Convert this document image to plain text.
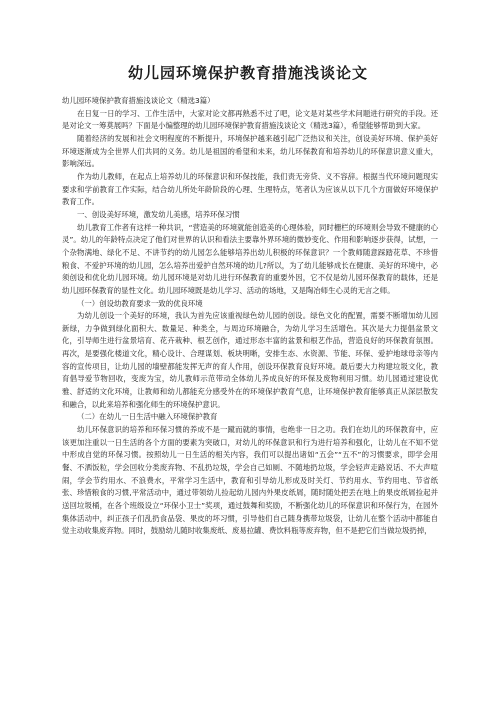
幼儿园环境保护教育措施浅谈论文

幼儿园环境保护教育措施浅谈论文（精选3篇）

在日复一日的学习、工作生活中，大家对论文都再熟悉不过了吧，论文是对某些学术问题进行研究的手段。还是对论文一筹莫展吗？下面是小编整理的幼儿园环境保护教育措施浅谈论文（精选3篇），希望能够帮助到大家。

随着经济的发展和社会文明程度的不断提升，环境保护越来越引起广泛热议和关注，创设美好环境、保护美好环境逐渐成为全世界人们共同的义务。幼儿是祖国的希望和未来，幼儿环保教育和培养幼儿的环保意识意义重大，影响深远。

作为幼儿教师，在起点上培养幼儿的环保意识和环保技能，我们责无旁贷、义不容辞。根据当代环境问题现实要求和学前教育工作实际，结合幼儿所处年龄阶段的心理、生理特点，笔者认为应该从以下几个方面做好环境保护教育工作。

一、创设美好环境，激发幼儿美感，培养环保习惯

幼儿教育工作者有这样一种共识，“营造美的环境就能创造美的心理体验，同时栅栏的环境则会导致不健康的心灵”。幼儿的年龄特点决定了他们对世界的认识和看法主要靠外界环境的微妙变化、作用和影响逐步获得，试想，一个杂物满地、绿化不足、不讲节约的幼儿园怎么能够培养出幼儿积极的环保意识？一个教师随意踩踏花草、不珍惜粮食、不爱护环境的幼儿园，怎么培养出爱护自然环境的幼儿?所以，为了幼儿能够成长在健康、美好的环境中，必须创设和优化幼儿园环境。幼儿园环境是对幼儿进行环保教育的重要外因，它不仅是幼儿园环保教育的载体，还是幼儿园环保教育的显性文化。幼儿园环境既是幼儿学习、活动的场地，又是陶冶师生心灵的无言之师。

（一）创设幼教育要求一致的优良环境

为幼儿创设一个美好的环境，我认为首先应该重视绿色幼儿园的创设。绿色文化的配置，需要不断增加幼儿园新绿，力争做到绿化面积大、数量足、种类全，与周边环境融合，为幼儿学习生活增色。其次是大力提倡盆景文化，引导师生进行盆景培育、花卉栽种、根艺创作，通过形态丰富的盆景和根艺作品，营造良好的环保教育氛围。再次，是要强化楼道文化，精心设计、合理谋划、板块明晰，安排生态、水资源、节能、环保、爱护地球母亲等内容的宣传项目，让幼儿园的墙壁都能发挥无声的育人作用，创设环保教育良好环境。最后要大力构建垃圾文化，教育倡导爱节物回收，变废为宝，幼儿教师示范带动全体幼儿养成良好的环保及废物利用习惯。幼儿园通过建设优雅、舒适的文化环境，让教师和幼儿都能充分感受外在的环境保护教育气息，让环境保护教育能够真正从深层散发和融合，以此来培养和强化师生的环境保护意识。

（二）在幼儿一日生活中融入环境保护教育

幼儿环保意识的培养和环保习惯的养成不是一蹴而就的事情，也绝非一日之功。我们在幼儿的环保教育中，应该更加注重以一日生活的各个方面的要素为突破口，对幼儿的环保意识和行为进行培养和强化，让幼儿在不知不觉中形成自觉的环保习惯。按照幼儿一日生活的相关内容，我们可以提出诸如“五会”“五不”的习惯要求，即学会用餐、不洒饭粒，学会回收分类废弃物、不乱扔垃圾，学会自己如厕、不随地扔垃圾，学会轻声走路说话、不大声喧闹，学会节约用水、不浪费水，平常学习生活中，教育和引导幼儿形成及时关灯、节约用水、节约用电、节省纸张、珍惜粮食的习惯,平常活动中，通过带领幼儿捡起幼儿园内外果皮纸屑，随时随处把丢在地上的果皮纸屑捡起并送回垃圾桶，在各个班级设立“环保小卫士”奖项，通过鼓舞和奖励，不断强化幼儿的环保意识和环保行为，在园外集体活动中，纠正孩子们乱扔食品袋、果皮的坏习惯，引导他们自己随身携带垃圾袋，让幼儿在整个活动中都能自觉主动收集废弃物。同时，鼓励幼儿随时收集废纸、废易拉罐、费饮料瓶等废弃物，但不是把它们当做垃圾扔掉，
